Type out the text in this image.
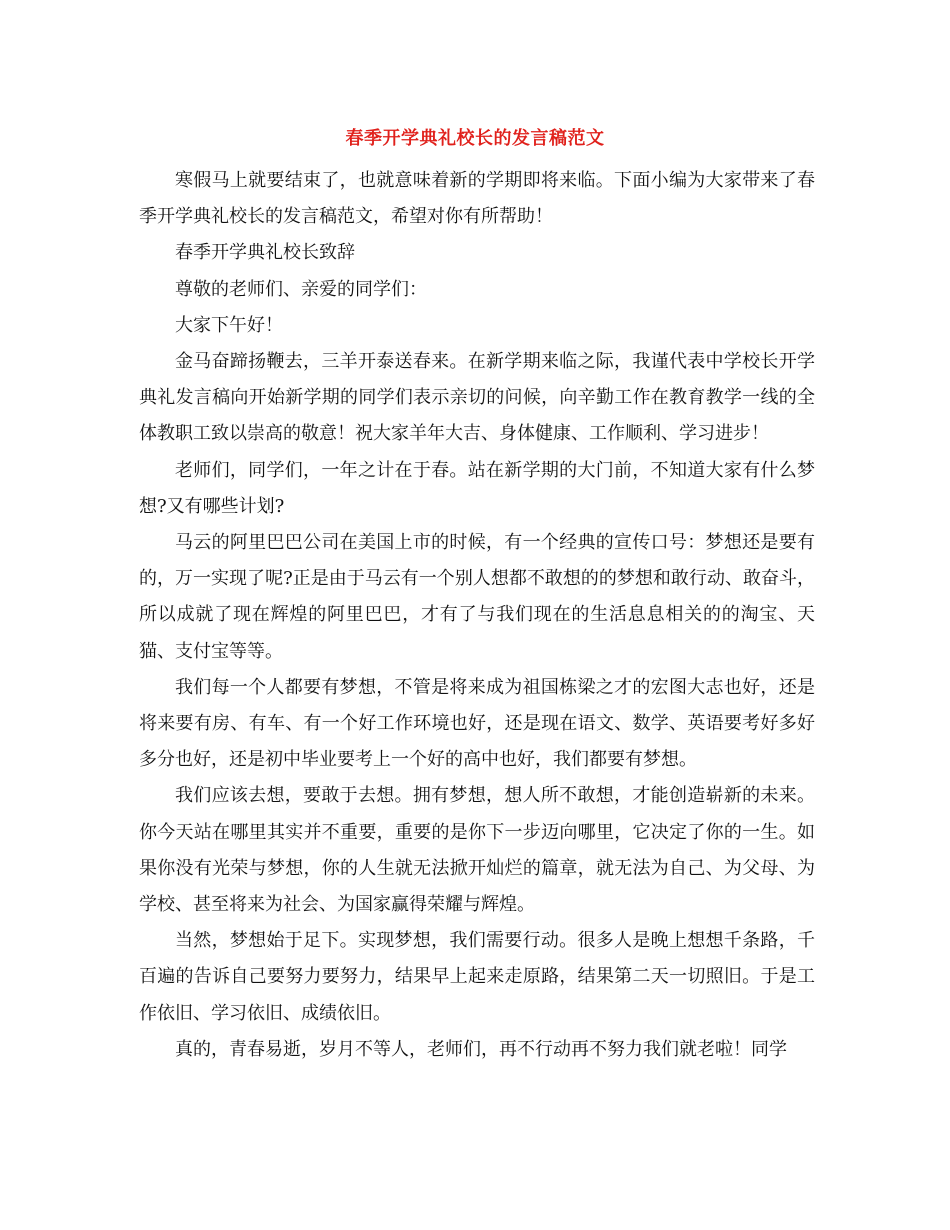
春季开学典礼校长的发言稿范文

寒假马上就要结束了，也就意味着新的学期即将来临。下面小编为大家带来了春季开学典礼校长的发言稿范文，希望对你有所帮助！

春季开学典礼校长致辞

尊敬的老师们、亲爱的同学们：

大家下午好！

金马奋蹄扬鞭去，三羊开泰送春来。在新学期来临之际，我谨代表中学校长开学典礼发言稿向开始新学期的同学们表示亲切的问候，向辛勤工作在教育教学一线的全体教职工致以崇高的敬意！祝大家羊年大吉、身体健康、工作顺利、学习进步！

老师们，同学们，一年之计在于春。站在新学期的大门前，不知道大家有什么梦想?又有哪些计划?

马云的阿里巴巴公司在美国上市的时候，有一个经典的宣传口号：梦想还是要有的，万一实现了呢?正是由于马云有一个别人想都不敢想的的梦想和敢行动、敢奋斗，所以成就了现在辉煌的阿里巴巴，才有了与我们现在的生活息息相关的的淘宝、天猫、支付宝等等。

我们每一个人都要有梦想，不管是将来成为祖国栋梁之才的宏图大志也好，还是将来要有房、有车、有一个好工作环境也好，还是现在语文、数学、英语要考好多好多分也好，还是初中毕业要考上一个好的高中也好，我们都要有梦想。

我们应该去想，要敢于去想。拥有梦想，想人所不敢想，才能创造崭新的未来。你今天站在哪里其实并不重要，重要的是你下一步迈向哪里，它决定了你的一生。如果你没有光荣与梦想，你的人生就无法掀开灿烂的篇章，就无法为自己、为父母、为学校、甚至将来为社会、为国家赢得荣耀与辉煌。

当然，梦想始于足下。实现梦想，我们需要行动。很多人是晚上想想千条路，千百遍的告诉自己要努力要努力，结果早上起来走原路，结果第二天一切照旧。于是工作依旧、学习依旧、成绩依旧。

真的，青春易逝，岁月不等人，老师们，再不行动再不努力我们就老啦！同学
